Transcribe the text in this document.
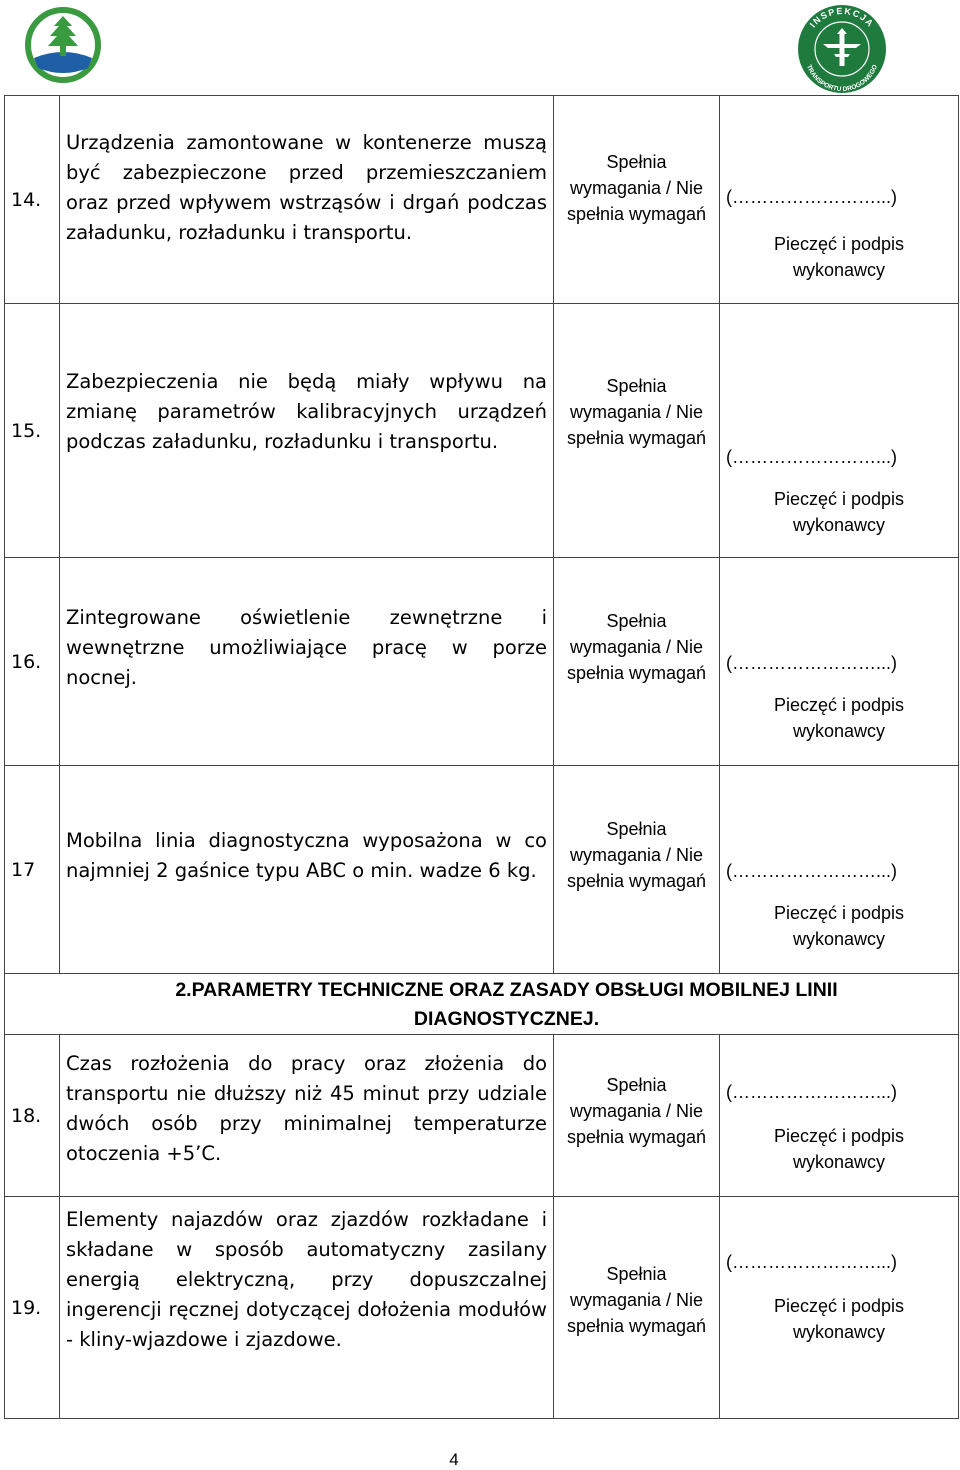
INSPEKCJA
TRANSPORTU DROGOWEGO
14.	Urządzenia zamontowane w kontenerze muszą być zabezpieczone przed przemieszczaniem oraz przed wpływem wstrząsów i drgań podczas załadunku, rozładunku i transportu.	Spełnia
wymagania / Nie
spełnia wymagań	(……………………...)
Pieczęć i podpis
wykonawcy

15.	Zabezpieczenia nie będą miały wpływu na zmianę parametrów kalibracyjnych urządzeń podczas załadunku, rozładunku i transportu.	Spełnia
wymagania / Nie
spełnia wymagań	(……………………...)
Pieczęć i podpis
wykonawcy

16.	Zintegrowane oświetlenie zewnętrzne i wewnętrzne umożliwiające pracę w porze nocnej.	Spełnia
wymagania / Nie
spełnia wymagań	(……………………...)
Pieczęć i podpis
wykonawcy

17	Mobilna linia diagnostyczna wyposażona w co najmniej 2 gaśnice typu ABC o min. wadze 6 kg.	Spełnia
wymagania / Nie
spełnia wymagań	(……………………...)
Pieczęć i podpis
wykonawcy

2.PARAMETRY TECHNICZNE ORAZ ZASADY OBSŁUGI MOBILNEJ LINII DIAGNOSTYCZNEJ.			
18.	Czas rozłożenia do pracy oraz złożenia do transportu nie dłuższy niż 45 minut przy udziale dwóch osób przy minimalnej temperaturze otoczenia +5’C.	Spełnia
wymagania / Nie
spełnia wymagań	(……………………...)
Pieczęć i podpis
wykonawcy

19.	Elementy najazdów oraz zjazdów rozkładane i składane w sposób automatyczny zasilany energią elektryczną, przy dopuszczalnej ingerencji ręcznej dotyczącej dołożenia modułów - kliny-wjazdowe i zjazdowe.	Spełnia
wymagania / Nie
spełnia wymagań	(……………………...)
Pieczęć i podpis
wykonawcy
4
